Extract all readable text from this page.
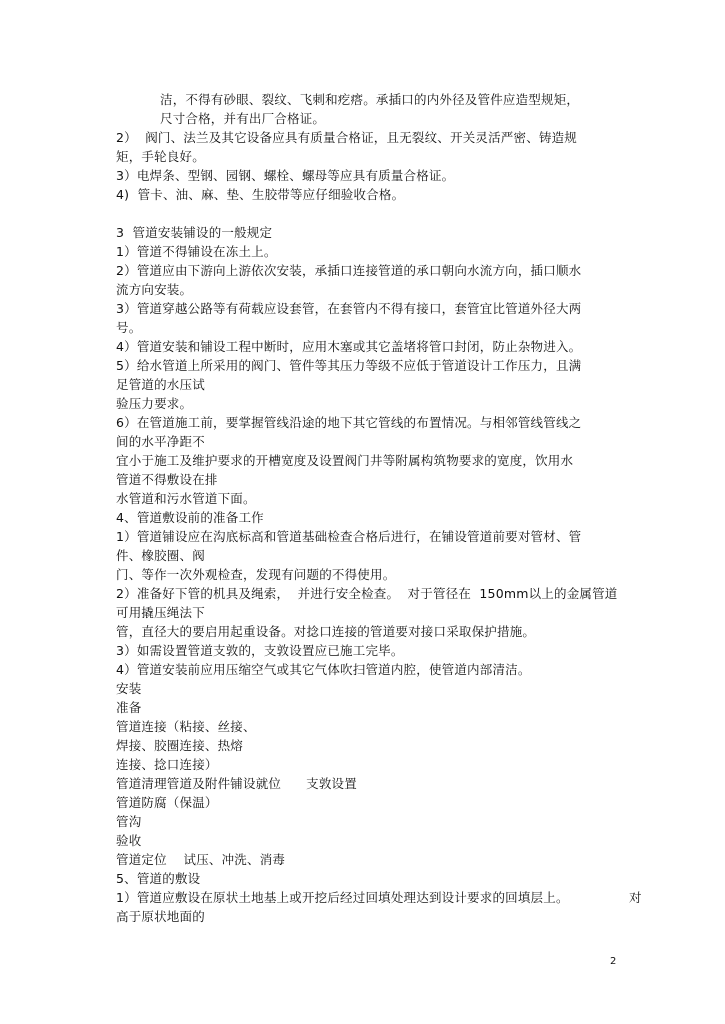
洁，不得有砂眼、裂纹、飞刺和疙瘩。承插口的内外径及管件应造型规矩，
尺寸合格，并有出厂合格证。
2）  阀门、法兰及其它设备应具有质量合格证，且无裂纹、开关灵活严密、铸造规
矩，手轮良好。
3）电焊条、型钢、园钢、螺栓、螺母等应具有质量合格证。
4)  管卡、油、麻、垫、生胶带等应仔细验收合格。
3  管道安装铺设的一般规定
1）管道不得铺设在冻土上。
2）管道应由下游向上游依次安装，承插口连接管道的承口朝向水流方向，插口顺水
流方向安装。
3）管道穿越公路等有荷载应设套管，在套管内不得有接口，套管宜比管道外径大两
号。
4）管道安装和铺设工程中断时，应用木塞或其它盖堵将管口封闭，防止杂物进入。
5）给水管道上所采用的阀门、管件等其压力等级不应低于管道设计工作压力，且满
足管道的水压试
验压力要求。
6）在管道施工前，要掌握管线沿途的地下其它管线的布置情况。与相邻管线管线之
间的水平净距不
宜小于施工及维护要求的开槽宽度及设置阀门井等附属构筑物要求的宽度，饮用水
管道不得敷设在排
水管道和污水管道下面。
4、管道敷设前的准备工作
1）管道铺设应在沟底标高和管道基础检查合格后进行，在铺设管道前要对管材、管
件、橡胶圈、阀
门、等作一次外观检查，发现有问题的不得使用。
2）准备好下管的机具及绳索，  并进行安全检查。  对于管径在  150mm以上的金属管道
可用撬压绳法下
管，直径大的要启用起重设备。对捻口连接的管道要对接口采取保护措施。
3）如需设置管道支敦的，支敦设置应已施工完毕。
4）管道安装前应用压缩空气或其它气体吹扫管道内腔，使管道内部清洁。
安装
准备
管道连接（粘接、丝接、
焊接、胶圈连接、热熔
连接、捻口连接）
管道清理管道及附件铺设就位      支敦设置
管道防腐（保温）
管沟
验收
管道定位    试压、冲洗、消毒
5、管道的敷设
1）管道应敷设在原状土地基上或开挖后经过回填处理达到设计要求的回填层上。	对
高于原状地面的
2
